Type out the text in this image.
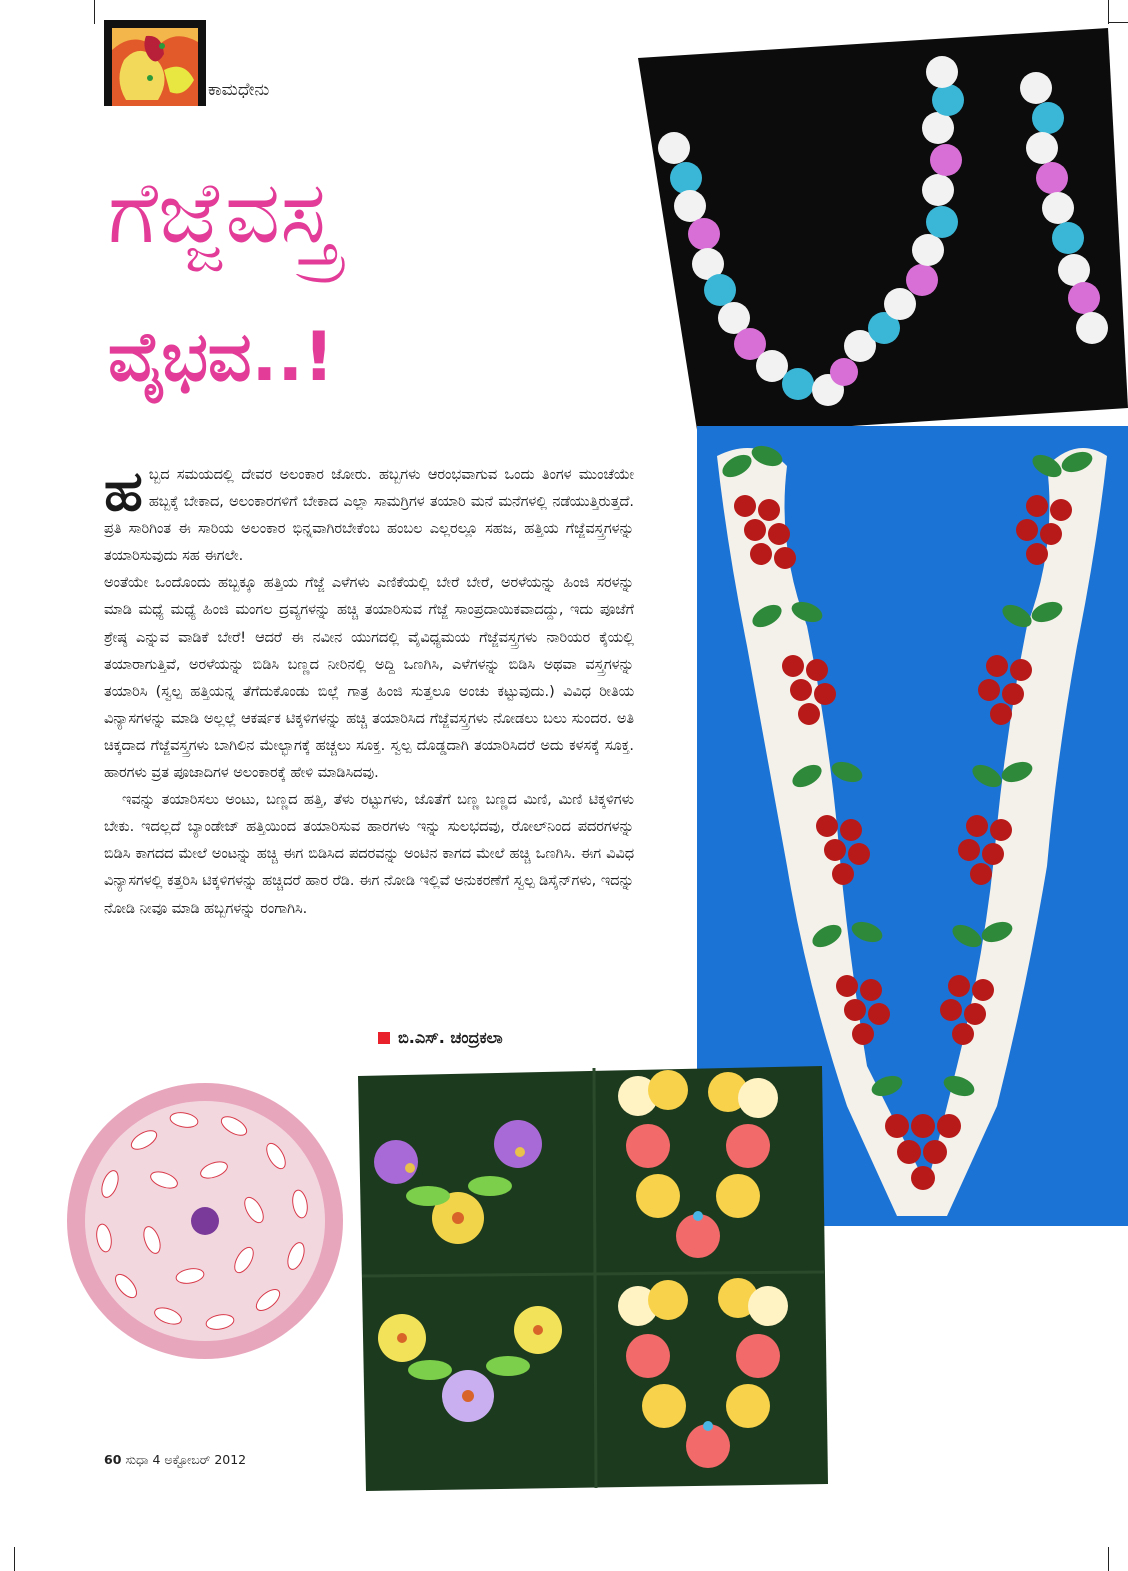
ಕಾಮಧೇನು
ಗೆಜ್ಜೆವಸ್ತ್ರ
ವೈಭವ..!

ಹಬ್ಬದ ಸಮಯದಲ್ಲಿ ದೇವರ ಅಲಂಕಾರ ಜೋರು. ಹಬ್ಬಗಳು ಆರಂಭವಾಗುವ ಒಂದು ತಿಂಗಳ ಮುಂಚೆಯೇ ಹಬ್ಬಕ್ಕೆ ಬೇಕಾದ, ಅಲಂಕಾರಗಳಿಗೆ ಬೇಕಾದ ಎಲ್ಲಾ ಸಾಮಗ್ರಿಗಳ ತಯಾರಿ ಮನೆ ಮನೆಗಳಲ್ಲಿ ನಡೆಯುತ್ತಿರುತ್ತದೆ. ಪ್ರತಿ ಸಾರಿಗಿಂತ ಈ ಸಾರಿಯ ಅಲಂಕಾರ ಭಿನ್ನವಾಗಿರಬೇಕೆಂಬ ಹಂಬಲ ಎಲ್ಲರಲ್ಲೂ ಸಹಜ, ಹತ್ತಿಯ ಗೆಜ್ಜೆವಸ್ತ್ರಗಳನ್ನು ತಯಾರಿಸುವುದು ಸಹ ಈಗಲೇ.

ಅಂತೆಯೇ ಒಂದೊಂದು ಹಬ್ಬಕ್ಕೂ ಹತ್ತಿಯ ಗೆಜ್ಜೆ ಎಳೆಗಳು ಎಣಿಕೆಯಲ್ಲಿ ಬೇರೆ ಬೇರೆ, ಅರಳೆಯನ್ನು ಹಿಂಜಿ ಸರಳನ್ನು ಮಾಡಿ ಮಧ್ಯೆ ಮಧ್ಯೆ ಹಿಂಜಿ ಮಂಗಲ ದ್ರವ್ಯಗಳನ್ನು ಹಚ್ಚಿ ತಯಾರಿಸುವ ಗೆಜ್ಜೆ ಸಾಂಪ್ರದಾಯಿಕವಾದದ್ದು, ಇದು ಪೂಜೆಗೆ ಶ್ರೇಷ್ಠ ಎನ್ನುವ ವಾಡಿಕೆ ಬೇರೆ! ಆದರೆ ಈ ನವೀನ ಯುಗದಲ್ಲಿ ವೈವಿಧ್ಯಮಯ ಗೆಜ್ಜೆವಸ್ತ್ರಗಳು ನಾರಿಯರ ಕೈಯಲ್ಲಿ ತಯಾರಾಗುತ್ತಿವೆ, ಅರಳೆಯನ್ನು ಬಿಡಿಸಿ ಬಣ್ಣದ ನೀರಿನಲ್ಲಿ ಅದ್ದಿ ಒಣಗಿಸಿ, ಎಳೆಗಳನ್ನು ಬಿಡಿಸಿ ಅಥವಾ ವಸ್ತ್ರಗಳನ್ನು ತಯಾರಿಸಿ (ಸ್ವಲ್ಪ ಹತ್ತಿಯನ್ನ ತೆಗೆದುಕೊಂಡು ಬಿಲ್ಲೆ ಗಾತ್ರ ಹಿಂಜಿ ಸುತ್ತಲೂ ಅಂಚು ಕಟ್ಟುವುದು.) ವಿವಿಧ ರೀತಿಯ ವಿನ್ಯಾಸಗಳನ್ನು ಮಾಡಿ ಅಲ್ಲಲ್ಲೆ ಆಕರ್ಷಕ ಟಿಕ್ಕಳಿಗಳನ್ನು ಹಚ್ಚಿ ತಯಾರಿಸಿದ ಗೆಜ್ಜೆವಸ್ತ್ರಗಳು ನೋಡಲು ಬಲು ಸುಂದರ. ಅತಿ ಚಿಕ್ಕದಾದ ಗೆಜ್ಜೆವಸ್ತ್ರಗಳು ಬಾಗಿಲಿನ ಮೇಲ್ಭಾಗಕ್ಕೆ ಹಚ್ಚಲು ಸೂಕ್ತ. ಸ್ವಲ್ಪ ದೊಡ್ಡದಾಗಿ ತಯಾರಿಸಿದರೆ ಅದು ಕಳಸಕ್ಕೆ ಸೂಕ್ತ. ಹಾರಗಳು ವ್ರತ ಪೂಜಾದಿಗಳ ಅಲಂಕಾರಕ್ಕೆ ಹೇಳಿ ಮಾಡಿಸಿದವು.

ಇವನ್ನು ತಯಾರಿಸಲು ಅಂಟು, ಬಣ್ಣದ ಹತ್ತಿ, ತೆಳು ರಟ್ಟುಗಳು, ಜೊತೆಗೆ ಬಣ್ಣ ಬಣ್ಣದ ಮಿಣಿ, ಮಿಣಿ ಟಿಕ್ಕಳಿಗಳು ಬೇಕು. ಇದಲ್ಲದೆ ಬ್ಯಾಂಡೇಜ್ ಹತ್ತಿಯಿಂದ ತಯಾರಿಸುವ ಹಾರಗಳು ಇನ್ನು ಸುಲಭದವು, ರೋಲ್‌ನಿಂದ ಪದರಗಳನ್ನು ಬಿಡಿಸಿ ಕಾಗದದ ಮೇಲೆ ಅಂಟನ್ನು ಹಚ್ಚಿ ಈಗ ಬಿಡಿಸಿದ ಪದರವನ್ನು ಅಂಟಿನ ಕಾಗದ ಮೇಲೆ ಹಚ್ಚಿ ಒಣಗಿಸಿ. ಈಗ ವಿವಿಧ ವಿನ್ಯಾಸಗಳಲ್ಲಿ ಕತ್ತರಿಸಿ ಟಿಕ್ಕಳಿಗಳನ್ನು ಹಚ್ಚಿದರೆ ಹಾರ ರೆಡಿ. ಈಗ ನೋಡಿ ಇಲ್ಲಿವೆ ಅನುಕರಣೆಗೆ ಸ್ವಲ್ಪ ಡಿಸೈನ್‌ಗಳು, ಇದನ್ನು ನೋಡಿ ನೀವೂ ಮಾಡಿ ಹಬ್ಬಗಳನ್ನು ರಂಗಾಗಿಸಿ.

ಬಿ.ಎಸ್. ಚಂದ್ರಕಲಾ
60 ಸುಧಾ 4 ಅಕ್ಟೋಬರ್ 2012
